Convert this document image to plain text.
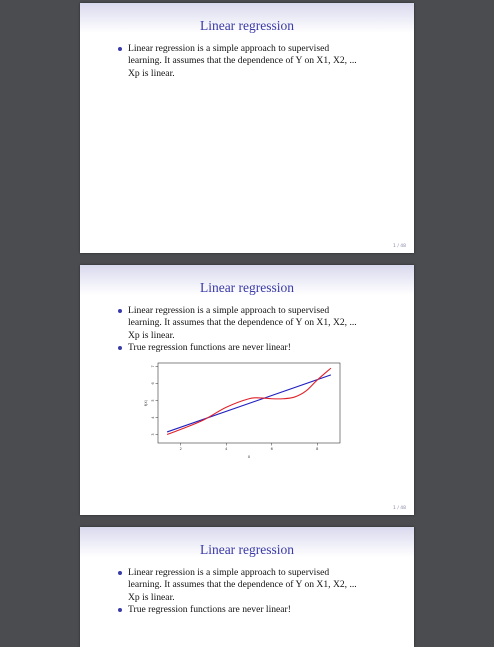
Linear regression
Linear regression is a simple approach to supervised learning. It assumes that the dependence of Y on X1, X2, ... Xp is linear.
1 / 48
Linear regression
Linear regression is a simple approach to supervised learning. It assumes that the dependence of Y on X1, X2, ... Xp is linear.
True regression functions are never linear!
2	4	6	8
3
4
5
6
7
X
f(X)
1 / 48
Linear regression
Linear regression is a simple approach to supervised learning. It assumes that the dependence of Y on X1, X2, ... Xp is linear.
True regression functions are never linear!
